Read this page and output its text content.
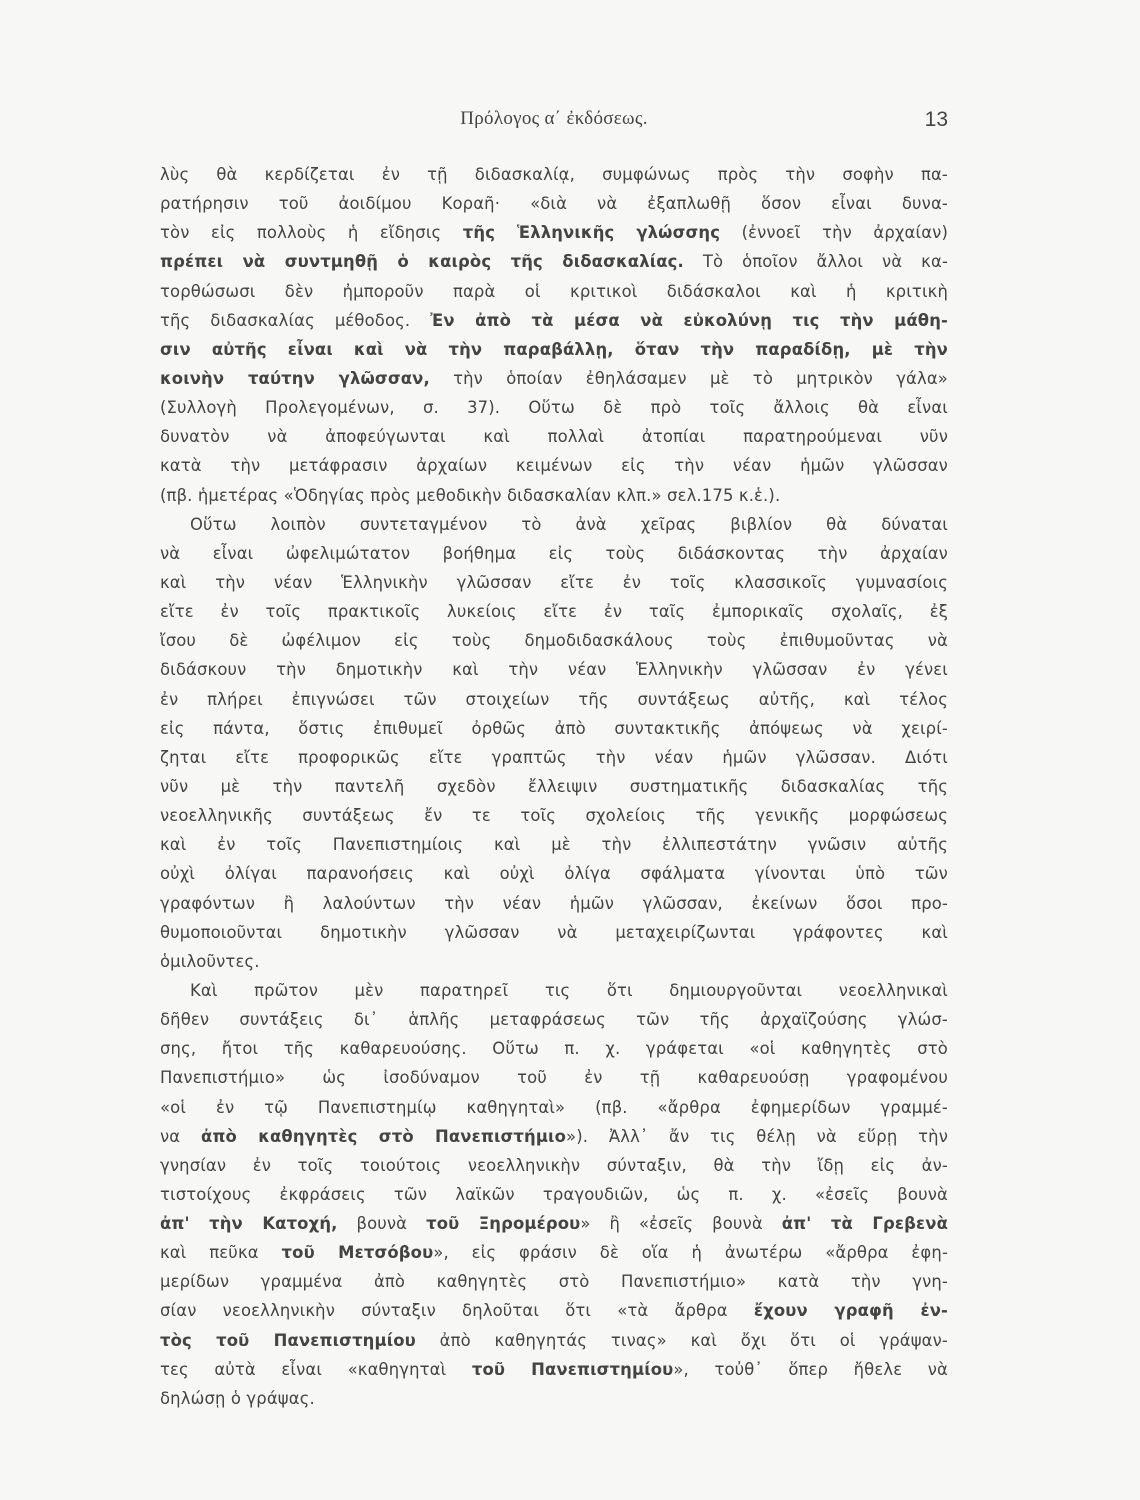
Πρόλογος α΄ ἐκδόσεως.	13
λὺς θὰ κερδίζεται ἐν τῇ διδασκαλίᾳ, συμφώνως πρὸς τὴν σοφὴν πα-
ρατήρησιν τοῦ ἀοιδίμου Κοραῆ· «διὰ νὰ ἐξαπλωθῇ ὅσον εἶναι δυνα-
τὸν εἰς πολλοὺς ἡ εἴδησις τῆς Ἑλληνικῆς γλώσσης (ἐννοεῖ τὴν ἀρχαίαν)
πρέπει νὰ συντμηθῇ ὁ καιρὸς τῆς διδασκαλίας. Τὸ ὁποῖον ἄλλοι νὰ κα-
τορθώσωσι δὲν ἠμποροῦν παρὰ οἱ κριτικοὶ διδάσκαλοι καὶ ἡ κριτικὴ
τῆς διδασκαλίας μέθοδος. Ἐν ἀπὸ τὰ μέσα νὰ εὐκολύνῃ τις τὴν μάθη-
σιν αὐτῆς εἶναι καὶ νὰ τὴν παραβάλλῃ, ὅταν τὴν παραδίδῃ, μὲ τὴν
κοινὴν ταύτην γλῶσσαν, τὴν ὁποίαν ἐθηλάσαμεν μὲ τὸ μητρικὸν γάλα»
(Συλλογὴ Προλεγομένων, σ. 37). Οὕτω δὲ πρὸ τοῖς ἄλλοις θὰ εἶναι
δυνατὸν νὰ ἀποφεύγωνται καὶ πολλαὶ ἀτοπίαι παρατηρούμεναι νῦν
κατὰ τὴν μετάφρασιν ἀρχαίων κειμένων εἰς τὴν νέαν ἡμῶν γλῶσσαν
(πβ. ἡμετέρας «Ὁδηγίας πρὸς μεθοδικὴν διδασκαλίαν κλπ.» σελ.175 κ.ἑ.).
Οὕτω λοιπὸν συντεταγμένον τὸ ἀνὰ χεῖρας βιβλίον θὰ δύναται
νὰ εἶναι ὠφελιμώτατον βοήθημα εἰς τοὺς διδάσκοντας τὴν ἀρχαίαν
καὶ τὴν νέαν Ἑλληνικὴν γλῶσσαν εἴτε ἐν τοῖς κλασσικοῖς γυμνασίοις
εἴτε ἐν τοῖς πρακτικοῖς λυκείοις εἴτε ἐν ταῖς ἐμπορικαῖς σχολαῖς, ἐξ
ἴσου δὲ ὠφέλιμον εἰς τοὺς δημοδιδασκάλους τοὺς ἐπιθυμοῦντας νὰ
διδάσκουν τὴν δημοτικὴν καὶ τὴν νέαν Ἑλληνικὴν γλῶσσαν ἐν γένει
ἐν πλήρει ἐπιγνώσει τῶν στοιχείων τῆς συντάξεως αὐτῆς, καὶ τέλος
εἰς πάντα, ὅστις ἐπιθυμεῖ ὀρθῶς ἀπὸ συντακτικῆς ἀπόψεως νὰ χειρί-
ζηται εἴτε προφορικῶς εἴτε γραπτῶς τὴν νέαν ἡμῶν γλῶσσαν. Διότι
νῦν μὲ τὴν παντελῆ σχεδὸν ἔλλειψιν συστηματικῆς διδασκαλίας τῆς
νεοελληνικῆς συντάξεως ἔν τε τοῖς σχολείοις τῆς γενικῆς μορφώσεως
καὶ ἐν τοῖς Πανεπιστημίοις καὶ μὲ τὴν ἐλλιπεστάτην γνῶσιν αὐτῆς
οὐχὶ ὀλίγαι παρανοήσεις καὶ οὐχὶ ὀλίγα σφάλματα γίνονται ὑπὸ τῶν
γραφόντων ἢ λαλούντων τὴν νέαν ἡμῶν γλῶσσαν, ἐκείνων ὅσοι προ-
θυμοποιοῦνται δημοτικὴν γλῶσσαν νὰ μεταχειρίζωνται γράφοντες καὶ
ὁμιλοῦντες.
Καὶ πρῶτον μὲν παρατηρεῖ τις ὅτι δημιουργοῦνται νεοελληνικαὶ
δῆθεν συντάξεις δι᾿ ἁπλῆς μεταφράσεως τῶν τῆς ἀρχαϊζούσης γλώσ-
σης, ἤτοι τῆς καθαρευούσης. Οὕτω π. χ. γράφεται «οἱ καθηγητὲς στὸ
Πανεπιστήμιο» ὡς ἰσοδύναμον τοῦ ἐν τῇ καθαρευούσῃ γραφομένου
«οἱ ἐν τῷ Πανεπιστημίῳ καθηγηταὶ» (πβ. «ἄρθρα ἐφημερίδων γραμμέ-
να ἀπὸ καθηγητὲς στὸ Πανεπιστήμιο»). Ἀλλ᾿ ἄν τις θέλῃ νὰ εὕρῃ τὴν
γνησίαν ἐν τοῖς τοιούτοις νεοελληνικὴν σύνταξιν, θὰ τὴν ἴδῃ εἰς ἀν-
τιστοίχους ἐκφράσεις τῶν λαϊκῶν τραγουδιῶν, ὡς π. χ. «ἐσεῖς βουνὰ
ἀπ' τὴν Κατοχή, βουνὰ τοῦ Ξηρομέρου» ἢ «ἐσεῖς βουνὰ ἀπ' τὰ Γρεβενὰ
καὶ πεῦκα τοῦ Μετσόβου», εἰς φράσιν δὲ οἵα ἡ ἀνωτέρω «ἄρθρα ἐφη-
μερίδων γραμμένα ἀπὸ καθηγητὲς στὸ Πανεπιστήμιο» κατὰ τὴν γνη-
σίαν νεοελληνικὴν σύνταξιν δηλοῦται ὅτι «τὰ ἄρθρα ἔχουν γραφῆ ἐν-
τὸς τοῦ Πανεπιστημίου ἀπὸ καθηγητάς τινας» καὶ ὄχι ὅτι οἱ γράψαν-
τες αὐτὰ εἶναι «καθηγηταὶ τοῦ Πανεπιστημίου», τοὐθ᾿ ὅπερ ἤθελε νὰ
δηλώσῃ ὁ γράψας.
